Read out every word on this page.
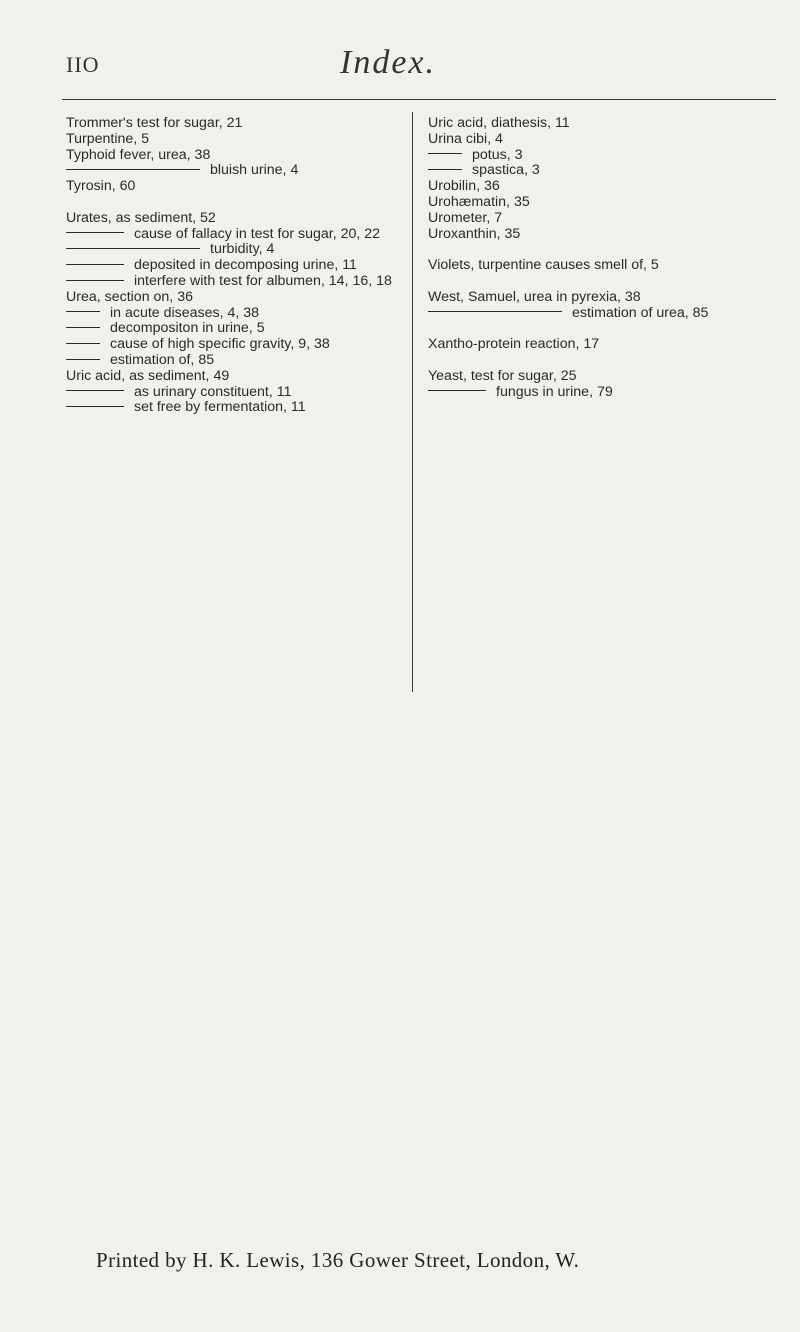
IIO	Index.
Trommer's test for sugar, 21
Turpentine, 5
Typhoid fever, urea, 38
bluish urine, 4
Tyrosin, 60
Urates, as sediment, 52
cause of fallacy in test for sugar, 20, 22
turbidity, 4
deposited in decomposing urine, 11
interfere with test for albumen, 14, 16, 18
Urea, section on, 36
in acute diseases, 4, 38
decompositon in urine, 5
cause of high specific gravity, 9, 38
estimation of, 85
Uric acid, as sediment, 49
as urinary constituent, 11
set free by fermentation, 11
Uric acid, diathesis, 11
Urina cibi, 4
potus, 3
spastica, 3
Urobilin, 36
Urohæmatin, 35
Urometer, 7
Uroxanthin, 35
Violets, turpentine causes smell of, 5
West, Samuel, urea in pyrexia, 38
estimation of urea, 85
Xantho-protein reaction, 17
Yeast, test for sugar, 25
fungus in urine, 79
Printed by H. K. Lewis, 136 Gower Street, London, W.
